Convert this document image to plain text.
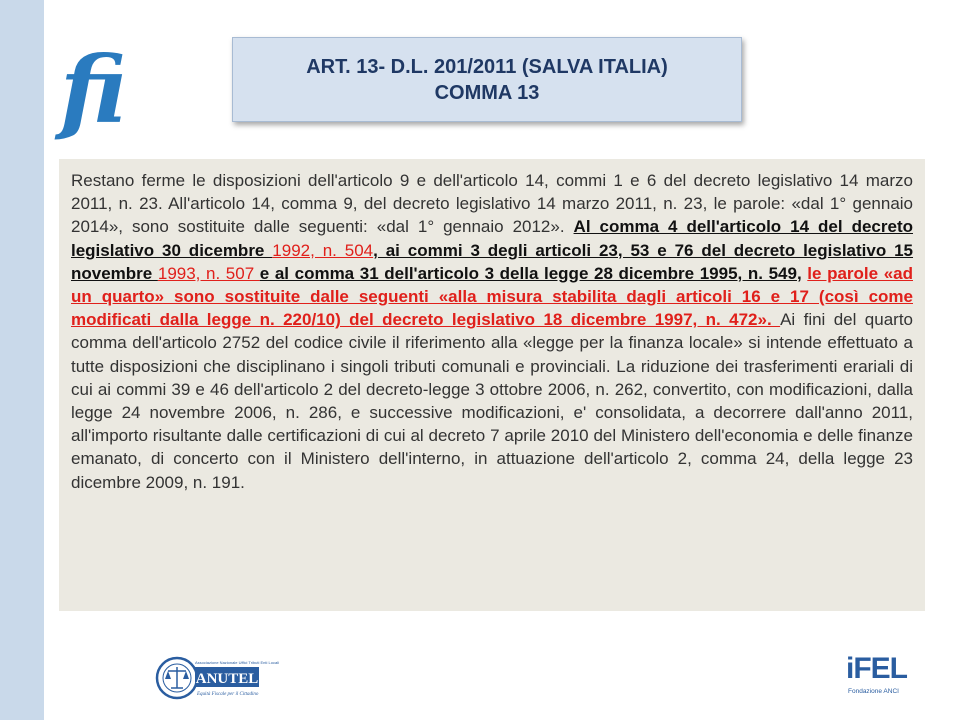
fi	ART. 13- D.L. 201/2011 (SALVA ITALIA)
COMMA 13

Restano ferme le disposizioni dell'articolo 9 e dell'articolo 14, commi 1 e 6 del decreto legislativo 14 marzo 2011, n. 23. All'articolo 14, comma 9, del decreto legislativo 14 marzo 2011, n. 23, le parole: «dal 1° gennaio 2014», sono sostituite dalle seguenti: «dal 1° gennaio 2012». Al comma 4 dell'articolo 14 del decreto legislativo 30 dicembre 1992, n. 504, ai commi 3 degli articoli 23, 53 e 76 del decreto legislativo 15 novembre 1993, n. 507 e al comma 31 dell'articolo 3 della legge 28 dicembre 1995, n. 549, le parole «ad un quarto» sono sostituite dalle seguenti «alla misura stabilita dagli articoli 16 e 17 (così come modificati dalla legge n. 220/10) del decreto legislativo 18 dicembre 1997, n. 472». Ai fini del quarto comma dell'articolo 2752 del codice civile il riferimento alla «legge per la finanza locale» si intende effettuato a tutte disposizioni che disciplinano i singoli tributi comunali e provinciali. La riduzione dei trasferimenti erariali di cui ai commi 39 e 46 dell'articolo 2 del decreto-legge 3 ottobre 2006, n. 262, convertito, con modificazioni, dalla legge 24 novembre 2006, n. 286, e successive modificazioni, e' consolidata, a decorrere dall'anno 2011, all'importo risultante dalle certificazioni di cui al decreto 7 aprile 2010 del Ministero dell'economia e delle finanze emanato, di concerto con il Ministero dell'interno, in attuazione dell'articolo 2, comma 24, della legge 23 dicembre 2009, n. 191.

Associazione Nazionale Uffici Tributi Enti Locali
ANUTEL
Equità Fiscale per il Cittadino
iFEL
Fondazione ANCI
